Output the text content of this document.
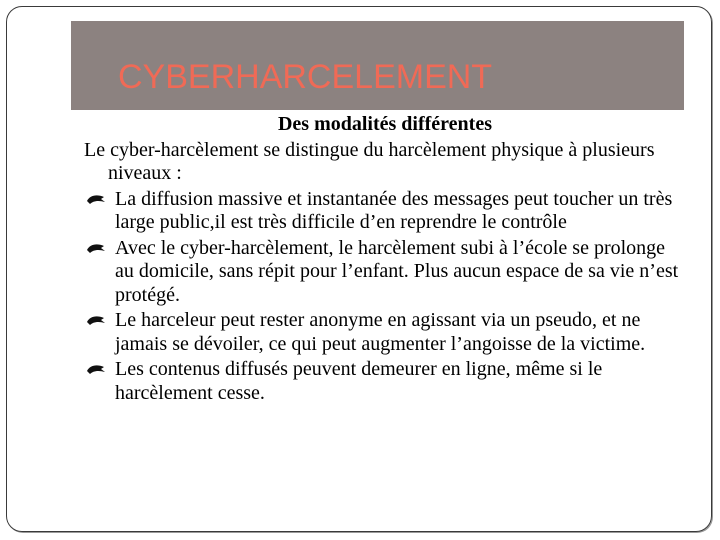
CYBERHARCELEMENT

Des modalités différentes

Le cyber-harcèlement se distingue du harcèlement physique à plusieurs niveaux :

La diffusion massive et instantanée des messages peut toucher un très large public,il est très difficile d’en reprendre le contrôle
Avec le cyber-harcèlement, le harcèlement subi à l’école se prolonge au domicile, sans répit pour l’enfant. Plus aucun espace de sa vie n’est protégé.
Le harceleur peut rester anonyme en agissant via un pseudo, et ne jamais se dévoiler, ce qui peut augmenter l’angoisse de la victime.
Les contenus diffusés peuvent demeurer en ligne, même si le harcèlement cesse.
